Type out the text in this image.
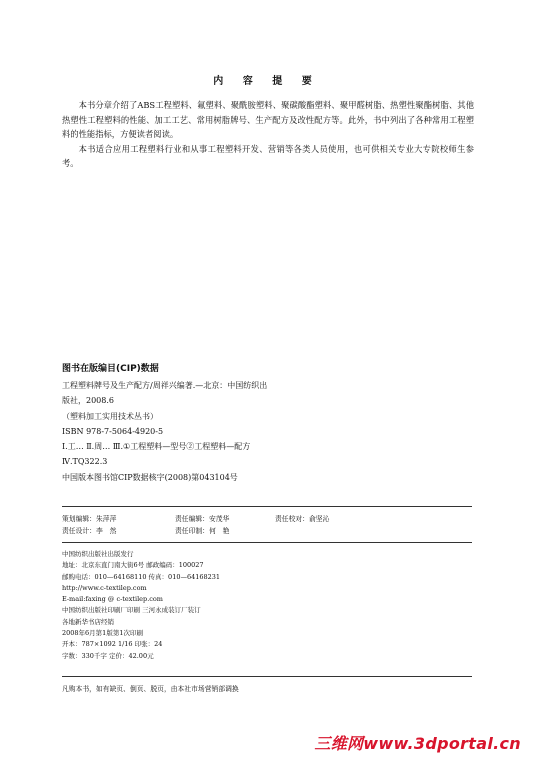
内 容 提 要

本书分章介绍了ABS工程塑料、氟塑料、聚酰胺塑料、聚碳酸酯塑料、聚甲醛树脂、热塑性聚酯树脂、其他热塑性工程塑料的性能、加工工艺、常用树脂牌号、生产配方及改性配方等。此外，书中列出了各种常用工程塑料的性能指标，方便读者阅读。

本书适合应用工程塑料行业和从事工程塑料开发、营销等各类人员使用，也可供相关专业大专院校师生参考。

图书在版编目(CIP)数据
工程塑料牌号及生产配方/周祥兴编著.—北京：中国纺织出
版社，2008.6
（塑料加工实用技术丛书）
ISBN 978-7-5064-4920-5
Ⅰ.工… Ⅱ.周… Ⅲ.①工程塑料—型号②工程塑料—配方
Ⅳ.TQ322.3
中国版本图书馆CIP数据核字(2008)第043104号
策划编辑：朱萍萍	责任编辑：安茂华	责任校对：俞坚沁
责任设计：李　然	责任印制：何　艳
中国纺织出版社出版发行
地址：北京东直门南大街6号 邮政编码：100027
邮购电话：010—64168110 传真：010—64168231
http://www.c-textilep.com
E-mail:faxing @ c-textilep.com
中国纺织出版社印刷厂印刷 三河永成装订厂装订
各地新华书店经销
2008年6月第1版第1次印刷
开本：787×1092 1/16 印张：24
字数：330千字 定价：42.00元
凡购本书，如有缺页、倒页、脱页，由本社市场营销部调换
三维网www.3dportal.cn
